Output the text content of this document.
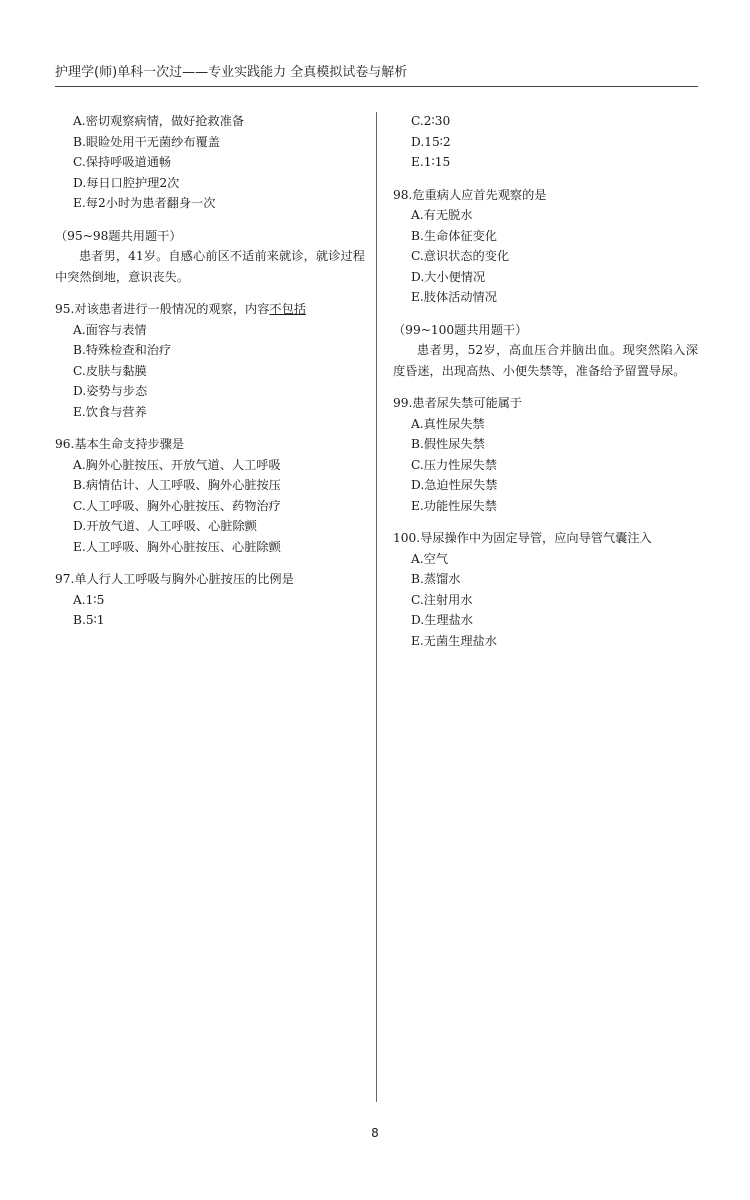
护理学(师)单科一次过——专业实践能力 全真模拟试卷与解析
A.密切观察病情，做好抢救准备
B.眼睑处用干无菌纱布覆盖
C.保持呼吸道通畅
D.每日口腔护理2次
E.每2小时为患者翻身一次
（95~98题共用题干）
患者男，41岁。自感心前区不适前来就诊，就诊过程中突然倒地，意识丧失。
95.对该患者进行一般情况的观察，内容不包括
A.面容与表情
B.特殊检查和治疗
C.皮肤与黏膜
D.姿势与步态
E.饮食与营养
96.基本生命支持步骤是
A.胸外心脏按压、开放气道、人工呼吸
B.病情估计、人工呼吸、胸外心脏按压
C.人工呼吸、胸外心脏按压、药物治疗
D.开放气道、人工呼吸、心脏除颤
E.人工呼吸、胸外心脏按压、心脏除颤
97.单人行人工呼吸与胸外心脏按压的比例是
A.1∶5
B.5∶1
C.2∶30
D.15∶2
E.1∶15
98.危重病人应首先观察的是
A.有无脱水
B.生命体征变化
C.意识状态的变化
D.大小便情况
E.肢体活动情况
（99~100题共用题干）
患者男，52岁，高血压合并脑出血。现突然陷入深度昏迷，出现高热、小便失禁等，准备给予留置导尿。
99.患者尿失禁可能属于
A.真性尿失禁
B.假性尿失禁
C.压力性尿失禁
D.急迫性尿失禁
E.功能性尿失禁
100.导尿操作中为固定导管，应向导管气囊注入
A.空气
B.蒸馏水
C.注射用水
D.生理盐水
E.无菌生理盐水
8
